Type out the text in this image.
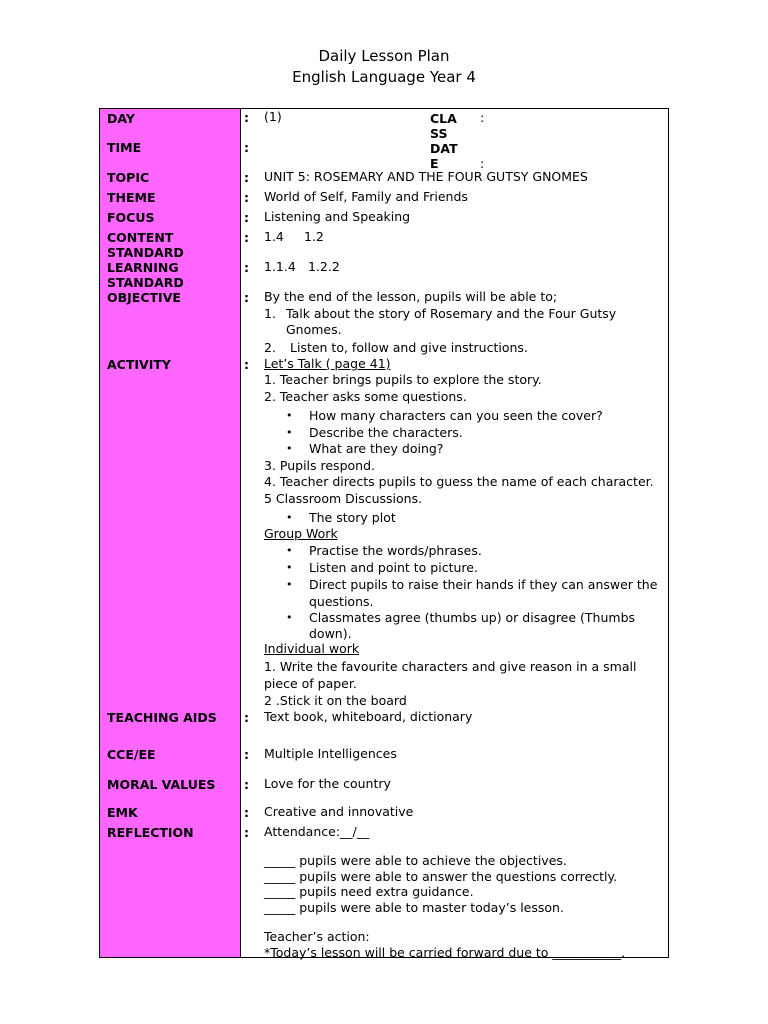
Daily Lesson Plan
English Language Year 4
DAY
TIME
TOPIC
THEME
FOCUS
CONTENT
STANDARD
LEARNING
STANDARD
OBJECTIVE
ACTIVITY
TEACHING AIDS
CCE/EE
MORAL VALUES
EMK
REFLECTION
:
:
:
:
:
:
:
:
:
:
:
:
:
:
(1)	CLA
SS
:
DAT
E	:
UNIT 5: ROSEMARY AND THE FOUR GUTSY GNOMES
World of Self, Family and Friends
Listening and Speaking
1.4 1.2
1.1.4 1.2.2
By the end of the lesson, pupils will be able to;
1. Talk about the story of Rosemary and the Four Gutsy
Gnomes.
2. Listen to, follow and give instructions.
Let’s Talk ( page 41)
1. Teacher brings pupils to explore the story.
2. Teacher asks some questions.
• How many characters can you seen the cover?
• Describe the characters.
• What are they doing?
3. Pupils respond.
4. Teacher directs pupils to guess the name of each character.
5 Classroom Discussions.
• The story plot
Group Work
• Practise the words/phrases.
• Listen and point to picture.
• Direct pupils to raise their hands if they can answer the
questions.
• Classmates agree (thumbs up) or disagree (Thumbs
down).
Individual work
1. Write the favourite characters and give reason in a small
piece of paper.
2 .Stick it on the board
Text book, whiteboard, dictionary
Multiple Intelligences
Love for the country
Creative and innovative
Attendance:__/__
_____ pupils were able to achieve the objectives.
_____ pupils were able to answer the questions correctly.
_____ pupils need extra guidance.
_____ pupils were able to master today’s lesson.
Teacher’s action:
*Today’s lesson will be carried forward due to ___________.
